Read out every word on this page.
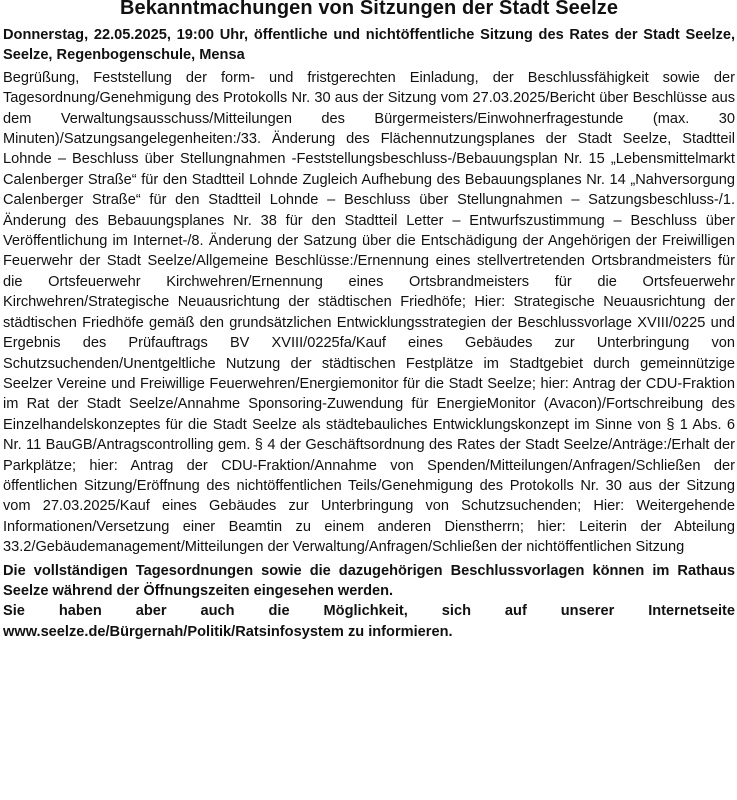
Bekanntmachungen von Sitzungen der Stadt Seelze

Donnerstag, 22.05.2025, 19:00 Uhr, öffentliche und nichtöffentliche Sitzung des Rates der Stadt Seelze, Seelze, Regenbogenschule, Mensa

Begrüßung, Feststellung der form- und fristgerechten Einladung, der Beschlussfähigkeit sowie der Tagesordnung/Genehmigung des Protokolls Nr. 30 aus der Sitzung vom 27.03.2025/Bericht über Beschlüsse aus dem Verwaltungsausschuss/Mitteilungen des Bürgermeisters/Einwohnerfragestunde (max. 30 Minuten)/Satzungsangelegenheiten:/33. Änderung des Flächennutzungsplanes der Stadt Seelze, Stadtteil Lohnde – Beschluss über Stellungnahmen -Feststellungsbeschluss-/Bebauungsplan Nr. 15 „Lebensmittelmarkt Calenberger Straße“ für den Stadtteil Lohnde Zugleich Aufhebung des Bebauungsplanes Nr. 14 „Nahversorgung Calenberger Straße“ für den Stadtteil Lohnde – Beschluss über Stellungnahmen – Satzungsbeschluss-/1. Änderung des Bebauungsplanes Nr. 38 für den Stadtteil Letter – Entwurfszustimmung – Beschluss über Veröffentlichung im Internet-/8. Änderung der Satzung über die Entschädigung der Angehörigen der Freiwilligen Feuerwehr der Stadt Seelze/Allgemeine Beschlüsse:/Ernennung eines stellvertretenden Ortsbrandmeisters für die Ortsfeuerwehr Kirchwehren/Ernennung eines Ortsbrandmeisters für die Ortsfeuerwehr Kirchwehren/Strategische Neuausrichtung der städtischen Friedhöfe; Hier: Strategische Neuausrichtung der städtischen Friedhöfe gemäß den grundsätzlichen Entwicklungsstrategien der Beschlussvorlage XVIII/0225 und Ergebnis des Prüfauftrags BV XVIII/0225fa/Kauf eines Gebäudes zur Unterbringung von Schutzsuchenden/Unentgeltliche Nutzung der städtischen Festplätze im Stadtgebiet durch gemeinnützige Seelzer Vereine und Freiwillige Feuerwehren/Energiemonitor für die Stadt Seelze; hier: Antrag der CDU-Fraktion im Rat der Stadt Seelze/Annahme Sponsoring-Zuwendung für EnergieMonitor (Avacon)/Fortschreibung des Einzelhandelskonzeptes für die Stadt Seelze als städtebauliches Entwicklungskonzept im Sinne von § 1 Abs. 6 Nr. 11 BauGB/Antragscontrolling gem. § 4 der Geschäftsordnung des Rates der Stadt Seelze/Anträge:/Erhalt der Parkplätze; hier: Antrag der CDU-Fraktion/Annahme von Spenden/Mitteilungen/Anfragen/Schließen der öffentlichen Sitzung/Eröffnung des nichtöffentlichen Teils/Genehmigung des Protokolls Nr. 30 aus der Sitzung vom 27.03.2025/Kauf eines Gebäudes zur Unterbringung von Schutzsuchenden; Hier: Weitergehende Informationen/Versetzung einer Beamtin zu einem anderen Dienstherrn; hier: Leiterin der Abteilung 33.2/Gebäudemanagement/Mitteilungen der Verwaltung/Anfragen/Schließen der nichtöffentlichen Sitzung

Die vollständigen Tagesordnungen sowie die dazugehörigen Beschlussvorlagen können im Rathaus Seelze während der Öffnungszeiten eingesehen werden.

Sie haben aber auch die Möglichkeit, sich auf unserer Internetseite www.seelze.de/Bürgernah/Politik/Ratsinfosystem zu informieren.
